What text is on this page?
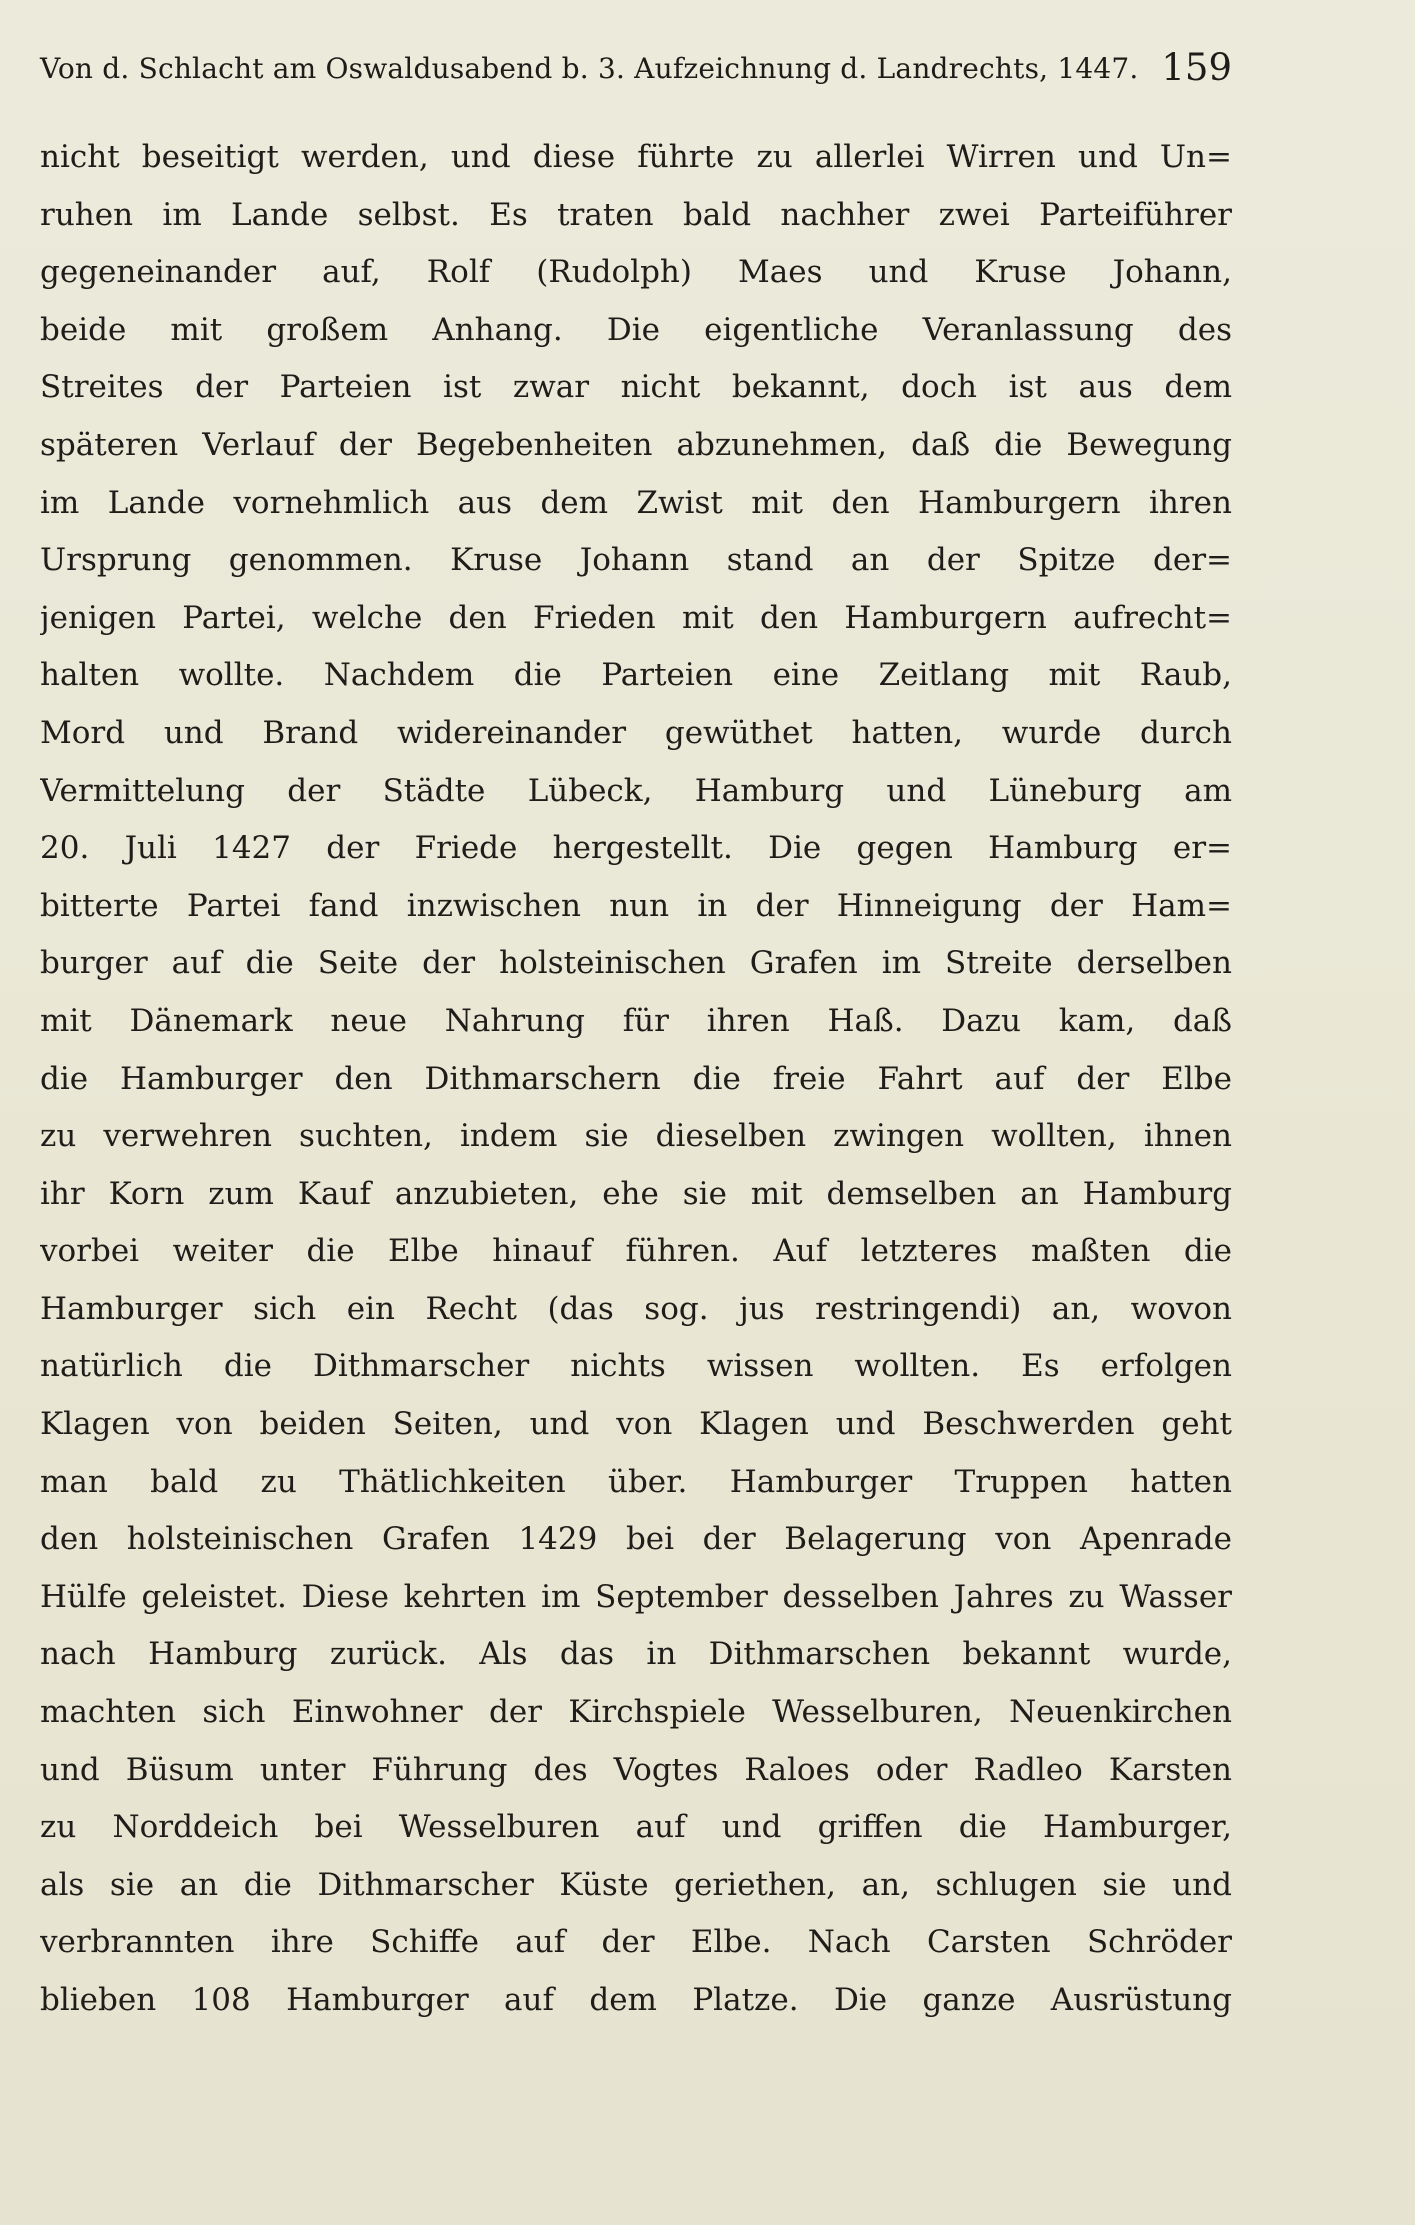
Von d. Schlacht am Oswaldusabend b. 3. Aufzeichnung d. Landrechts, 1447. 159
nicht beseitigt werden, und diese führte zu allerlei Wirren und Un=
ruhen im Lande selbst. Es traten bald nachher zwei Parteiführer
gegeneinander auf, Rolf (Rudolph) Maes und Kruse Johann,
beide mit großem Anhang. Die eigentliche Veranlassung des
Streites der Parteien ist zwar nicht bekannt, doch ist aus dem
späteren Verlauf der Begebenheiten abzunehmen, daß die Bewegung
im Lande vornehmlich aus dem Zwist mit den Hamburgern ihren
Ursprung genommen. Kruse Johann stand an der Spitze der=
jenigen Partei, welche den Frieden mit den Hamburgern aufrecht=
halten wollte. Nachdem die Parteien eine Zeitlang mit Raub,
Mord und Brand widereinander gewüthet hatten, wurde durch
Vermittelung der Städte Lübeck, Hamburg und Lüneburg am
20. Juli 1427 der Friede hergestellt. Die gegen Hamburg er=
bitterte Partei fand inzwischen nun in der Hinneigung der Ham=
burger auf die Seite der holsteinischen Grafen im Streite derselben
mit Dänemark neue Nahrung für ihren Haß. Dazu kam, daß
die Hamburger den Dithmarschern die freie Fahrt auf der Elbe
zu verwehren suchten, indem sie dieselben zwingen wollten, ihnen
ihr Korn zum Kauf anzubieten, ehe sie mit demselben an Hamburg
vorbei weiter die Elbe hinauf führen. Auf letzteres maßten die
Hamburger sich ein Recht (das sog. jus restringendi) an, wovon
natürlich die Dithmarscher nichts wissen wollten. Es erfolgen
Klagen von beiden Seiten, und von Klagen und Beschwerden geht
man bald zu Thätlichkeiten über. Hamburger Truppen hatten
den holsteinischen Grafen 1429 bei der Belagerung von Apenrade
Hülfe geleistet. Diese kehrten im September desselben Jahres zu Wasser
nach Hamburg zurück. Als das in Dithmarschen bekannt wurde,
machten sich Einwohner der Kirchspiele Wesselburen, Neuenkirchen
und Büsum unter Führung des Vogtes Raloes oder Radleo Karsten
zu Norddeich bei Wesselburen auf und griffen die Hamburger,
als sie an die Dithmarscher Küste geriethen, an, schlugen sie und
verbrannten ihre Schiffe auf der Elbe. Nach Carsten Schröder
blieben 108 Hamburger auf dem Platze. Die ganze Ausrüstung
